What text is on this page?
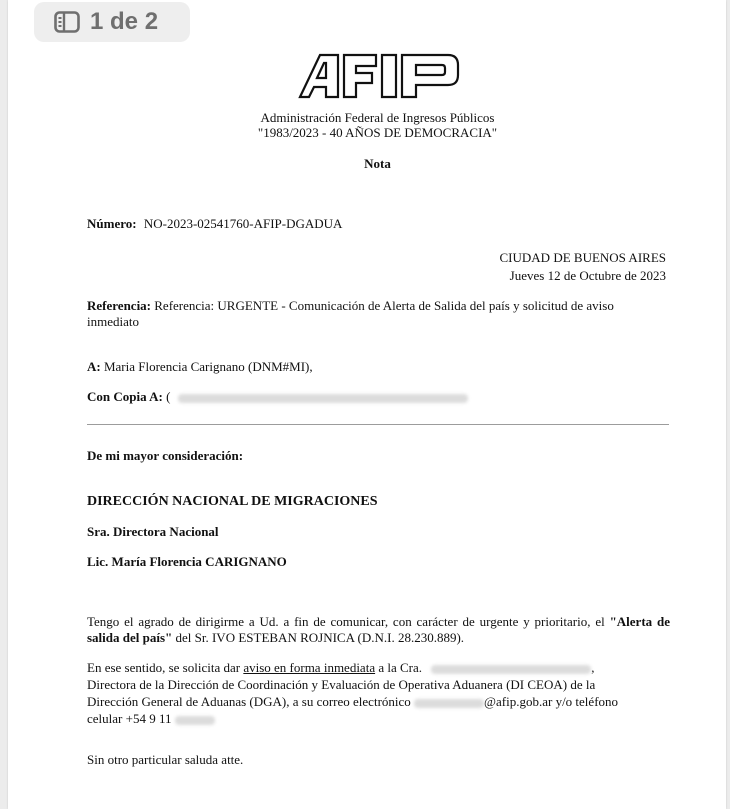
1 de 2
Administración Federal de Ingresos Públicos
"1983/2023 - 40 AÑOS DE DEMOCRACIA"
Nota
Número: NO-2023-02541760-AFIP-DGADUA
CIUDAD DE BUENOS AIRES
Jueves 12 de Octubre de 2023
Referencia: Referencia: URGENTE - Comunicación de Alerta de Salida del país y solicitud de aviso
inmediato
A: Maria Florencia Carignano (DNM#MI),
Con Copia A: (
De mi mayor consideración:
DIRECCIÓN NACIONAL DE MIGRACIONES
Sra. Directora Nacional
Lic. María Florencia CARIGNANO
Tengo el agrado de dirigirme a Ud. a fin de comunicar, con carácter de urgente y prioritario, el "Alerta de salida del país" del Sr. IVO ESTEBAN ROJNICA (D.N.I. 28.230.889).
En ese sentido, se solicita dar aviso en forma inmediata a la Cra.	,
Directora de la Dirección de Coordinación y Evaluación de Operativa Aduanera (DI CEOA) de la
Dirección General de Aduanas (DGA), a su correo electrónico	@afip.gob.ar y/o teléfono
celular +54 9 11
Sin otro particular saluda atte.
